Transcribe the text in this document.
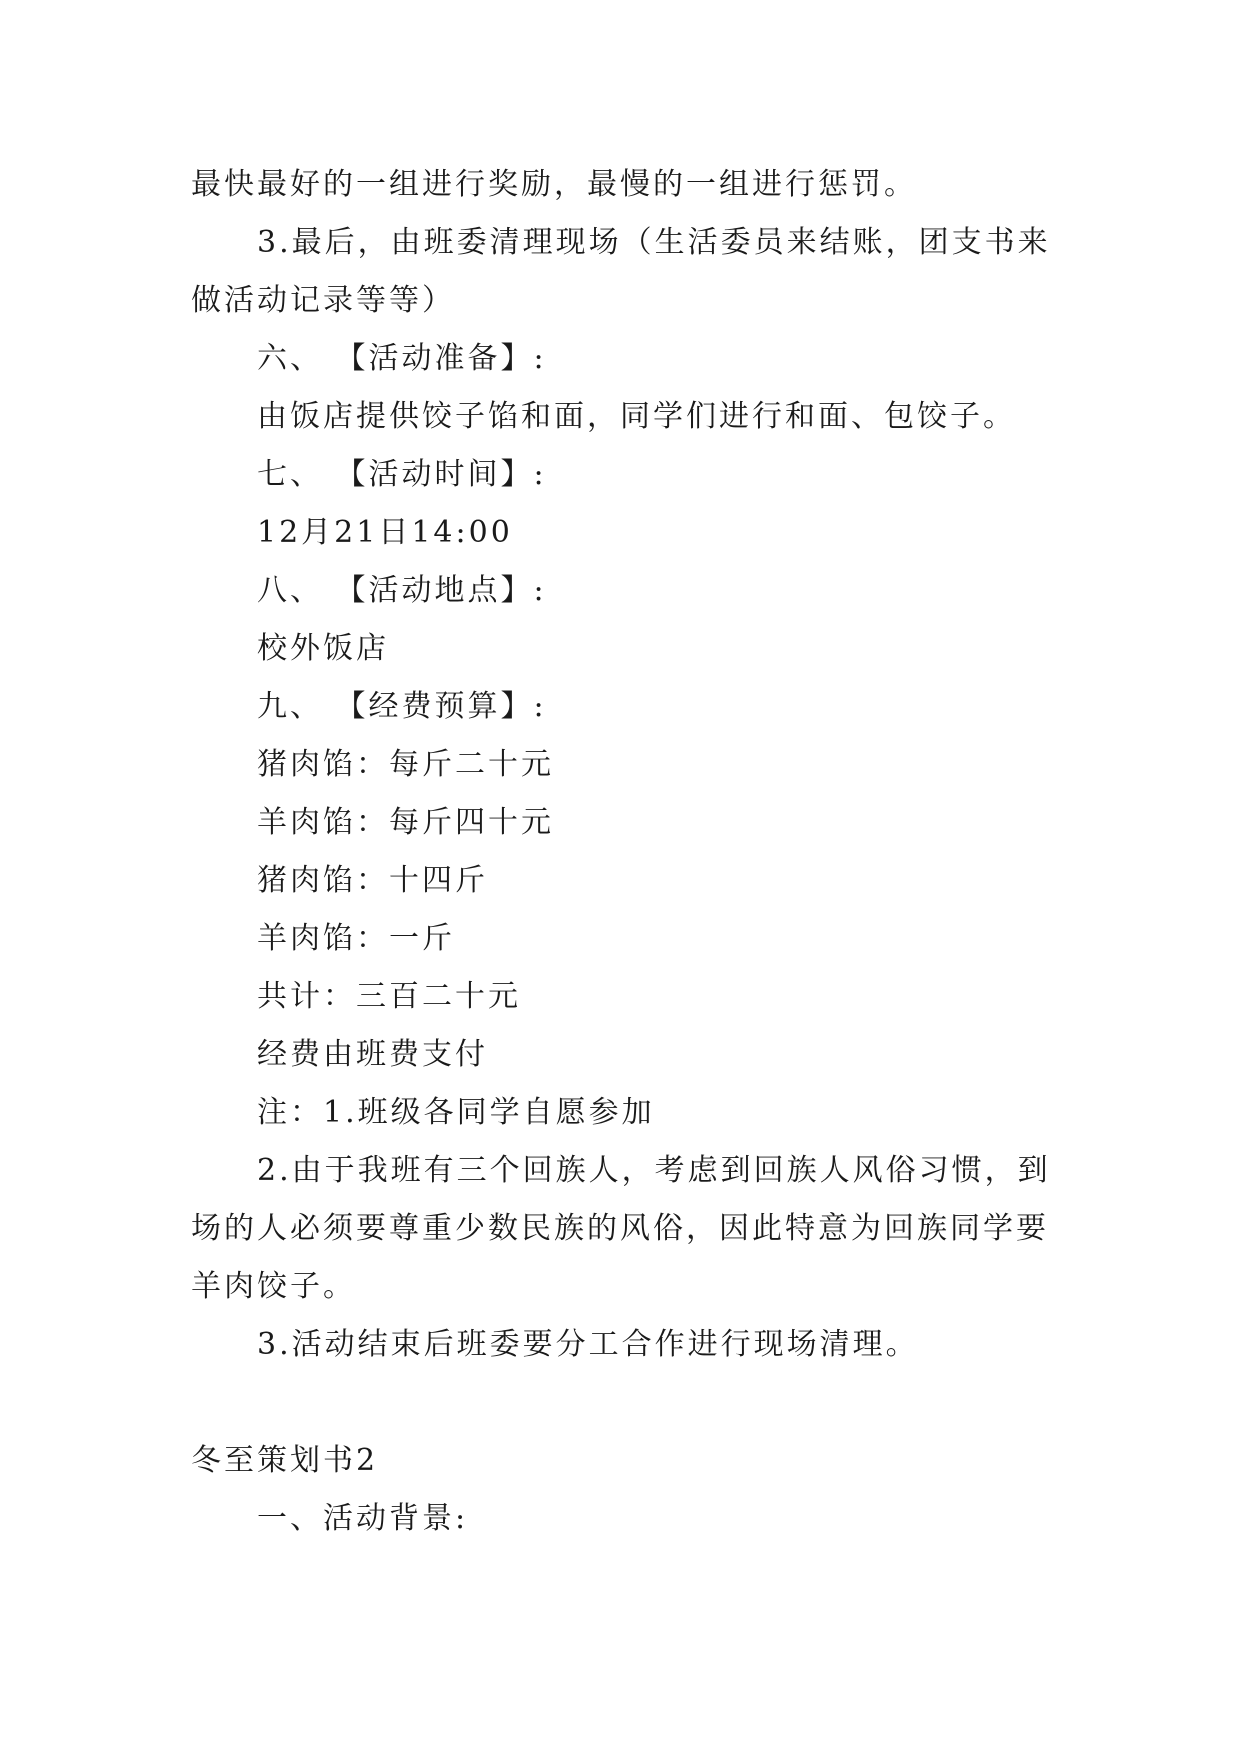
最快最好的一组进行奖励，最慢的一组进行惩罚。
3.最后，由班委清理现场（生活委员来结账，团支书来
做活动记录等等）
六、 【活动准备】:
由饭店提供饺子馅和面，同学们进行和面、包饺子。
七、 【活动时间】:
12月21日14:00
八、 【活动地点】:
校外饭店
九、 【经费预算】:
猪肉馅：每斤二十元
羊肉馅：每斤四十元
猪肉馅：十四斤
羊肉馅：一斤
共计：三百二十元
经费由班费支付
注：1.班级各同学自愿参加
2.由于我班有三个回族人，考虑到回族人风俗习惯，到
场的人必须要尊重少数民族的风俗，因此特意为回族同学要
羊肉饺子。
3.活动结束后班委要分工合作进行现场清理。
冬至策划书2
一、活动背景:
